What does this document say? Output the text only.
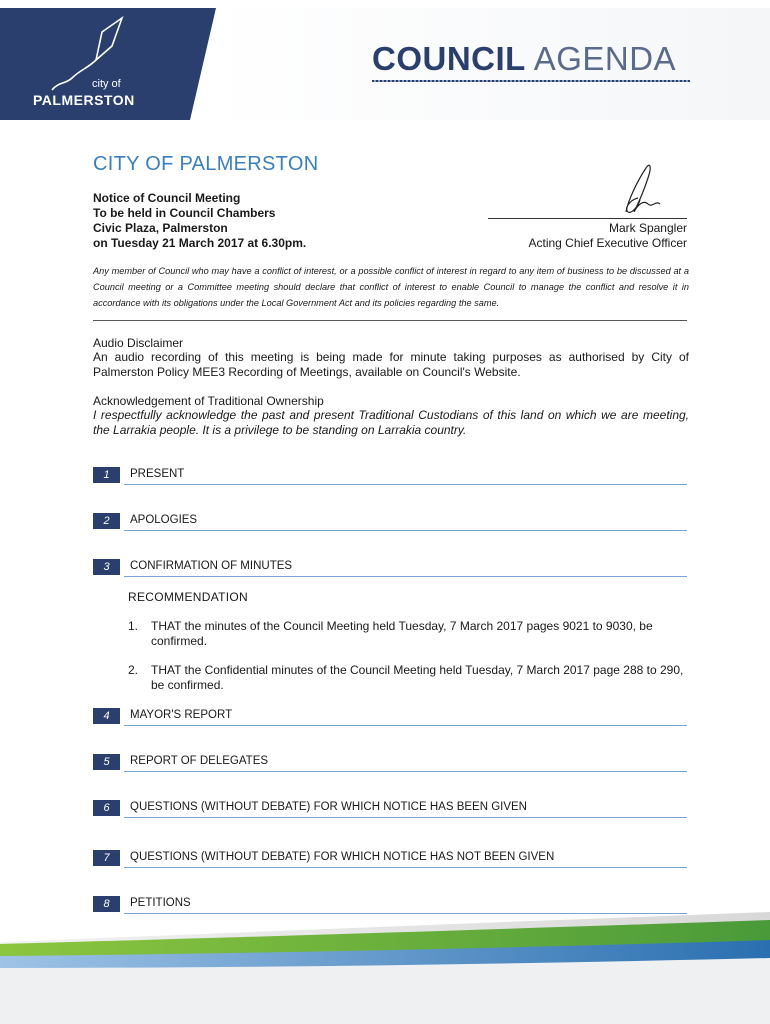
city of
PALMERSTON
COUNCIL AGENDA
CITY OF PALMERSTON
Notice of Council Meeting
To be held in Council Chambers
Civic Plaza, Palmerston
on Tuesday 21 March 2017 at 6.30pm.
Mark Spangler
Acting Chief Executive Officer
Any member of Council who may have a conflict of interest, or a possible conflict of interest in regard to any item of business to be discussed at a Council meeting or a Committee meeting should declare that conflict of interest to enable Council to manage the conflict and resolve it in accordance with its obligations under the Local Government Act and its policies regarding the same.
Audio Disclaimer
An audio recording of this meeting is being made for minute taking purposes as authorised by City of Palmerston Policy MEE3 Recording of Meetings, available on Council's Website.
Acknowledgement of Traditional Ownership
I respectfully acknowledge the past and present Traditional Custodians of this land on which we are meeting, the Larrakia people. It is a privilege to be standing on Larrakia country.
1	PRESENT
2	APOLOGIES
3	CONFIRMATION OF MINUTES
RECOMMENDATION
1. THAT the minutes of the Council Meeting held Tuesday, 7 March 2017 pages 9021 to 9030, be confirmed.
2. THAT the Confidential minutes of the Council Meeting held Tuesday, 7 March 2017 page 288 to 290, be confirmed.
4	MAYOR'S REPORT
5	REPORT OF DELEGATES
6	QUESTIONS (WITHOUT DEBATE) FOR WHICH NOTICE HAS BEEN GIVEN
7	QUESTIONS (WITHOUT DEBATE) FOR WHICH NOTICE HAS NOT BEEN GIVEN
8	PETITIONS
